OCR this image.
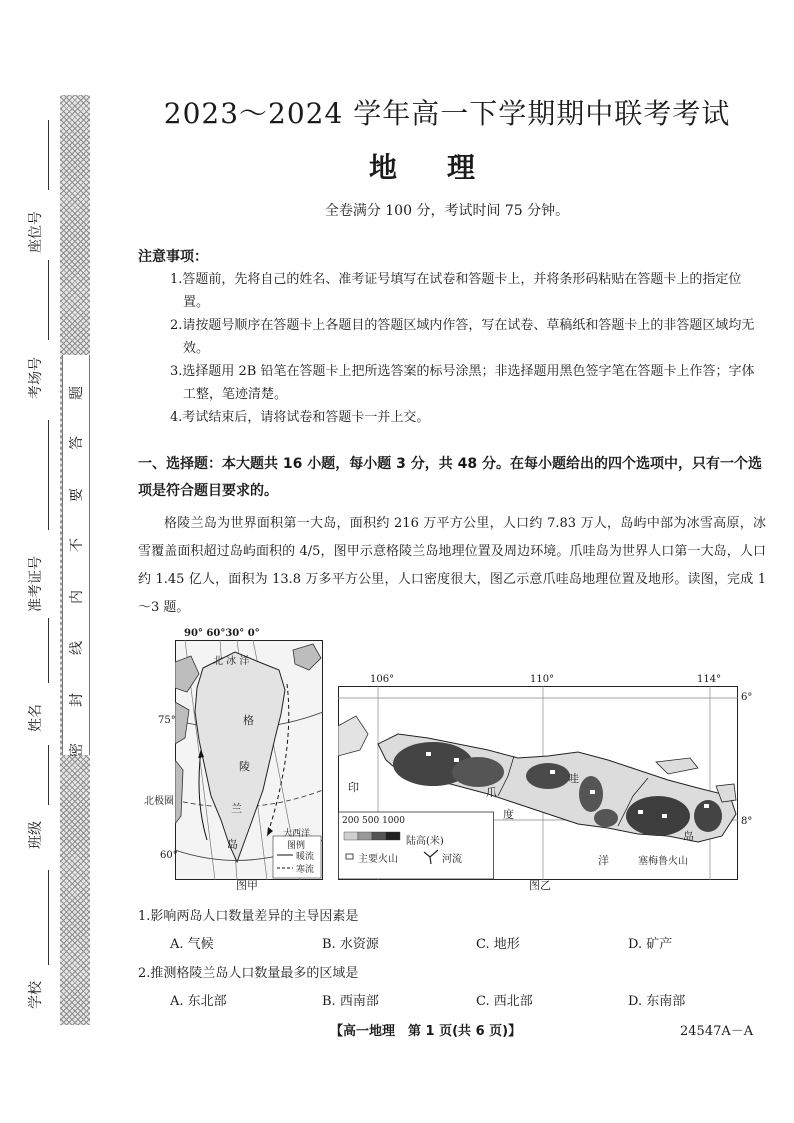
密
封
线
内
不
要
答
题
座位号
考场号
准考证号
姓名
班级
学校
2023～2024 学年高一下学期期中联考考试
地理
全卷满分 100 分，考试时间 75 分钟。
注意事项：
1.答题前，先将自己的姓名、准考证号填写在试卷和答题卡上，并将条形码粘贴在答题卡上的指定位置。
2.请按题号顺序在答题卡上各题目的答题区域内作答，写在试卷、草稿纸和答题卡上的非答题区域均无效。
3.选择题用 2B 铅笔在答题卡上把所选答案的标号涂黑；非选择题用黑色签字笔在答题卡上作答；字体工整，笔迹清楚。
4.考试结束后，请将试卷和答题卡一并上交。

一、选择题：本大题共 16 小题，每小题 3 分，共 48 分。在每小题给出的四个选项中，只有一个选项是符合题目要求的。

格陵兰岛为世界面积第一大岛，面积约 216 万平方公里，人口约 7.83 万人，岛屿中部为冰雪高原，冰雪覆盖面积超过岛屿面积的 4/5，图甲示意格陵兰岛地理位置及周边环境。爪哇岛为世界人口第一大岛，人口约 1.45 亿人，面积为 13.8 万多平方公里，人口密度很大，图乙示意爪哇岛地理位置及地形。读图，完成 1～3 题。

90° 60°30° 0°
北 冰 洋
格
陵
兰
岛
大西洋
图例
暖流
寒流
75°
北极圈
60°
图甲
106°	110°	114°
6°
8°
印
度
洋
爪
哇
岛
塞梅鲁火山
200 500 1000
陆高(米)
主要火山	河流
图乙
1.影响两岛人口数量差异的主导因素是
A. 气候	B. 水资源	C. 地形	D. 矿产
2.推测格陵兰岛人口数量最多的区域是
A. 东北部	B. 西南部	C. 西北部	D. 东南部
【高一地理　第 1 页(共 6 页)】	24547A－A
